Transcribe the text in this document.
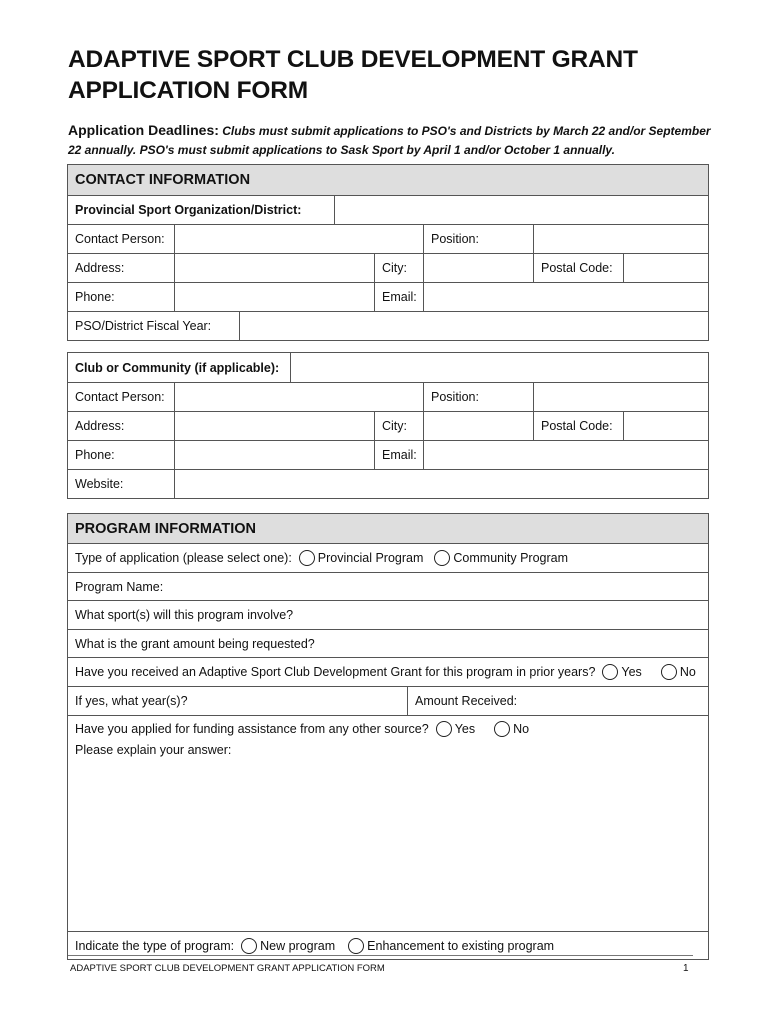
ADAPTIVE SPORT CLUB DEVELOPMENT GRANT
APPLICATION FORM
Application Deadlines: Clubs must submit applications to PSO's and Districts by March 22 and/or September 22 annually. PSO's must submit applications to Sask Sport by April 1 and/or October 1 annually.
CONTACT INFORMATION
Provincial Sport Organization/District:
Contact Person:	Position:
Address:	City:	Postal Code:
Phone:	Email:
PSO/District Fiscal Year:
Club or Community (if applicable):
Contact Person:	Position:
Address:	City:	Postal Code:
Phone:	Email:
Website:
PROGRAM INFORMATION
Type of application (please select one): Provincial Program Community Program
Program Name:
What sport(s) will this program involve?
What is the grant amount being requested?
Have you received an Adaptive Sport Club Development Grant for this program in prior years? Yes	No
If yes, what year(s)?	Amount Received:
Have you applied for funding assistance from any other source? Yes	No
Please explain your answer:
Indicate the type of program: New program	Enhancement to existing program
ADAPTIVE SPORT CLUB DEVELOPMENT GRANT APPLICATION FORM	1
